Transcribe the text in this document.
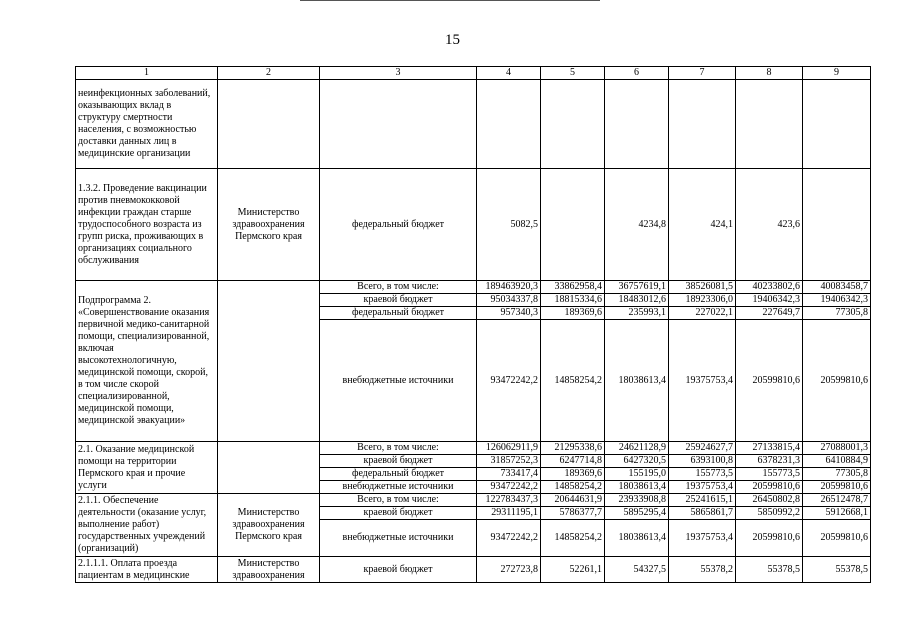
15
1	2	3	4	5	6	7	8	9
неинфекционных заболеваний, оказывающих вклад в структуру смертности населения, с возможностью доставки данных лиц в медицинские организации								
1.3.2. Проведение вакцинации против пневмококковой инфекции граждан старше трудоспособного возраста из групп риска, проживающих в организациях социального обслуживания	Министерство здравоохранения Пермского края	федеральный бюджет	5082,5		4234,8	424,1	423,6	
Подпрограмма 2. «Совершенствование оказания первичной медико-санитарной помощи, специализированной, включая высокотехнологичную, медицинской помощи, скорой, в том числе скорой специализированной, медицинской помощи, медицинской эвакуации»		Всего, в том числе:	189463920,3	33862958,4	36757619,1	38526081,5	40233802,6	40083458,7
		краевой бюджет	95034337,8	18815334,6	18483012,6	18923306,0	19406342,3	19406342,3
		федеральный бюджет	957340,3	189369,6	235993,1	227022,1	227649,7	77305,8
		внебюджетные источники	93472242,2	14858254,2	18038613,4	19375753,4	20599810,6	20599810,6
2.1. Оказание медицинской помощи на территории Пермского края и прочие услуги		Всего, в том числе:	126062911,9	21295338,6	24621128,9	25924627,7	27133815,4	27088001,3
		краевой бюджет	31857252,3	6247714,8	6427320,5	6393100,8	6378231,3	6410884,9
		федеральный бюджет	733417,4	189369,6	155195,0	155773,5	155773,5	77305,8
		внебюджетные источники	93472242,2	14858254,2	18038613,4	19375753,4	20599810,6	20599810,6
2.1.1. Обеспечение деятельности (оказание услуг, выполнение работ) государственных учреждений (организаций)	Министерство здравоохранения Пермского края	Всего, в том числе:	122783437,3	20644631,9	23933908,8	25241615,1	26450802,8	26512478,7
		краевой бюджет	29311195,1	5786377,7	5895295,4	5865861,7	5850992,2	5912668,1
		внебюджетные источники	93472242,2	14858254,2	18038613,4	19375753,4	20599810,6	20599810,6
2.1.1.1. Оплата проезда пациентам в медицинские	Министерство здравоохранения	краевой бюджет	272723,8	52261,1	54327,5	55378,2	55378,5	55378,5
